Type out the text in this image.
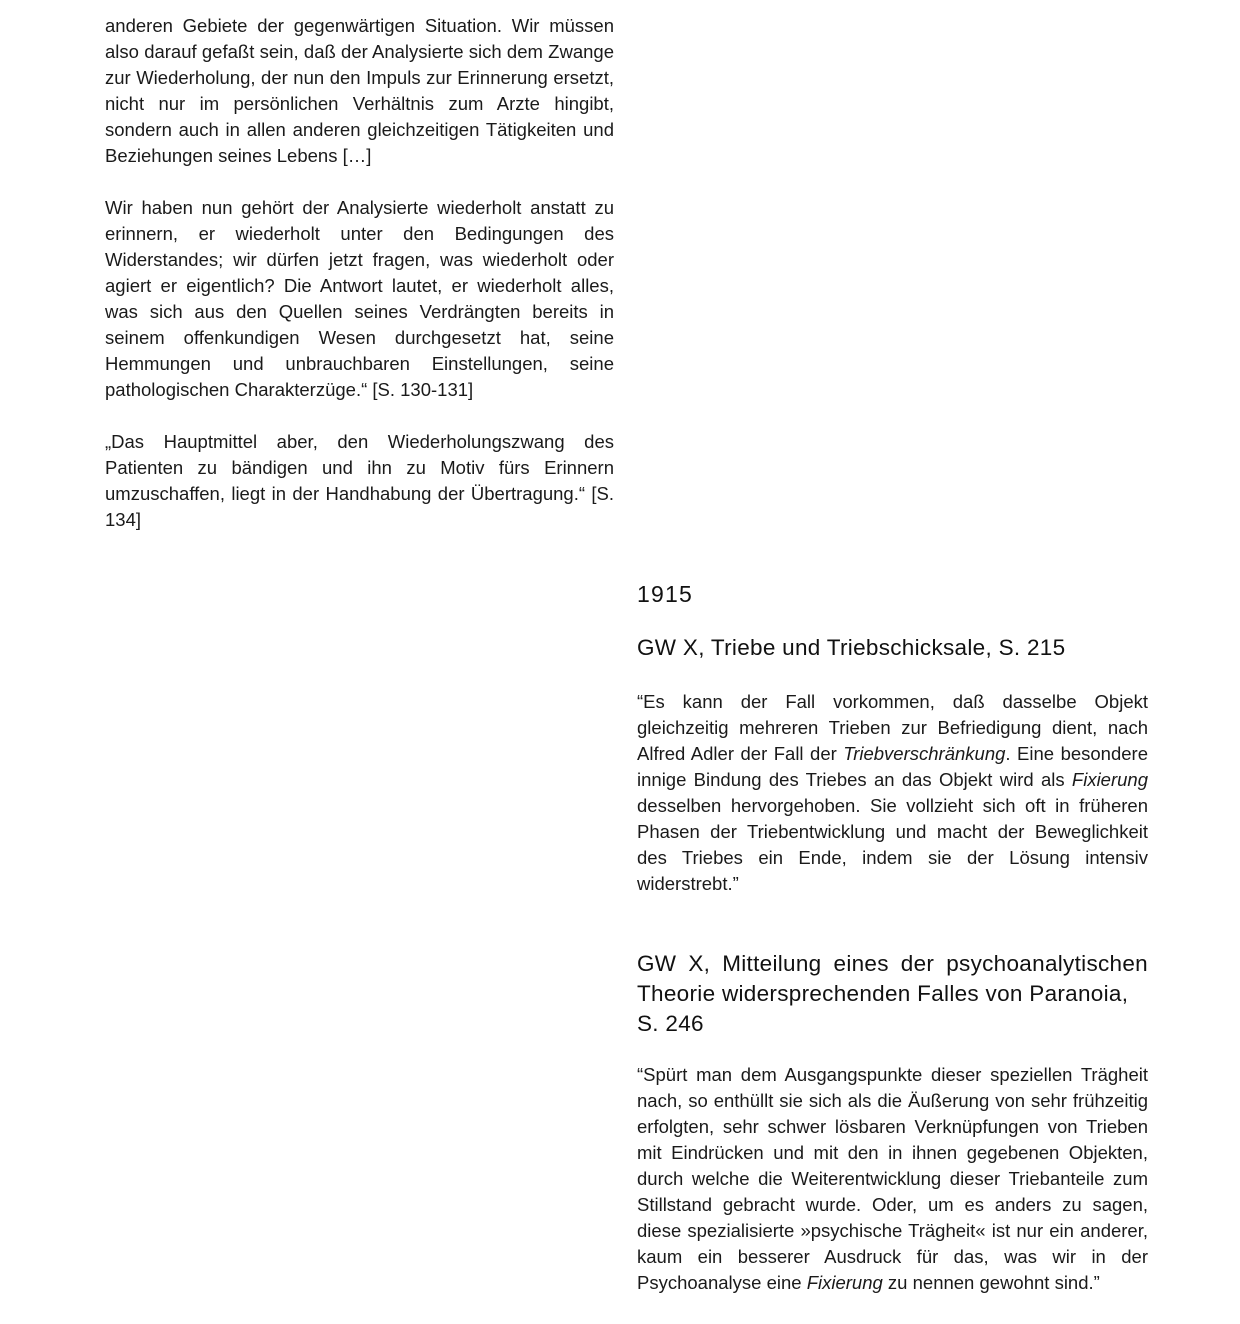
anderen Gebiete der gegenwärtigen Situation. Wir müssen also darauf gefaßt sein, daß der Analysierte sich dem Zwange zur Wiederholung, der nun den Impuls zur Erinnerung ersetzt, nicht nur im persönlichen Verhältnis zum Arzte hingibt, sondern auch in allen anderen gleichzeitigen Tätigkeiten und Beziehungen seines Lebens […]

Wir haben nun gehört der Analysierte wiederholt anstatt zu erinnern, er wiederholt unter den Bedingungen des Widerstandes; wir dürfen jetzt fragen, was wiederholt oder agiert er eigentlich? Die Antwort lautet, er wiederholt alles, was sich aus den Quellen seines Verdrängten bereits in seinem offenkundigen Wesen durchgesetzt hat, seine Hemmungen und unbrauchbaren Einstellungen, seine pathologischen Charakterzüge.“ [S. 130-131]

„Das Hauptmittel aber, den Wiederholungszwang des Patienten zu bändigen und ihn zu Motiv fürs Erinnern umzuschaffen, liegt in der Handhabung der Übertragung.“ [S. 134]

1915
GW X, Triebe und Triebschicksale, S. 215

“Es kann der Fall vorkommen, daß dasselbe Objekt gleichzeitig mehreren Trieben zur Befriedigung dient, nach Alfred Adler der Fall der Triebverschränkung. Eine besondere innige Bindung des Triebes an das Objekt wird als Fixierung desselben hervorgehoben. Sie vollzieht sich oft in früheren Phasen der Triebentwicklung und macht der Beweglichkeit des Triebes ein Ende, indem sie der Lösung intensiv widerstrebt.”

GW X, Mitteilung eines der psychoanalytischen
Theorie widersprechenden Falles von Paranoia,
S. 246

“Spürt man dem Ausgangspunkte dieser speziellen Trägheit nach, so enthüllt sie sich als die Äußerung von sehr frühzeitig erfolgten, sehr schwer lösbaren Verknüpfungen von Trieben mit Eindrücken und mit den in ihnen gegebenen Objekten, durch welche die Weiterentwicklung dieser Triebanteile zum Stillstand gebracht wurde. Oder, um es anders zu sagen, diese spezialisierte »psychische Trägheit« ist nur ein anderer, kaum ein besserer Ausdruck für das, was wir in der Psychoanalyse eine Fixierung zu nennen gewohnt sind.”
